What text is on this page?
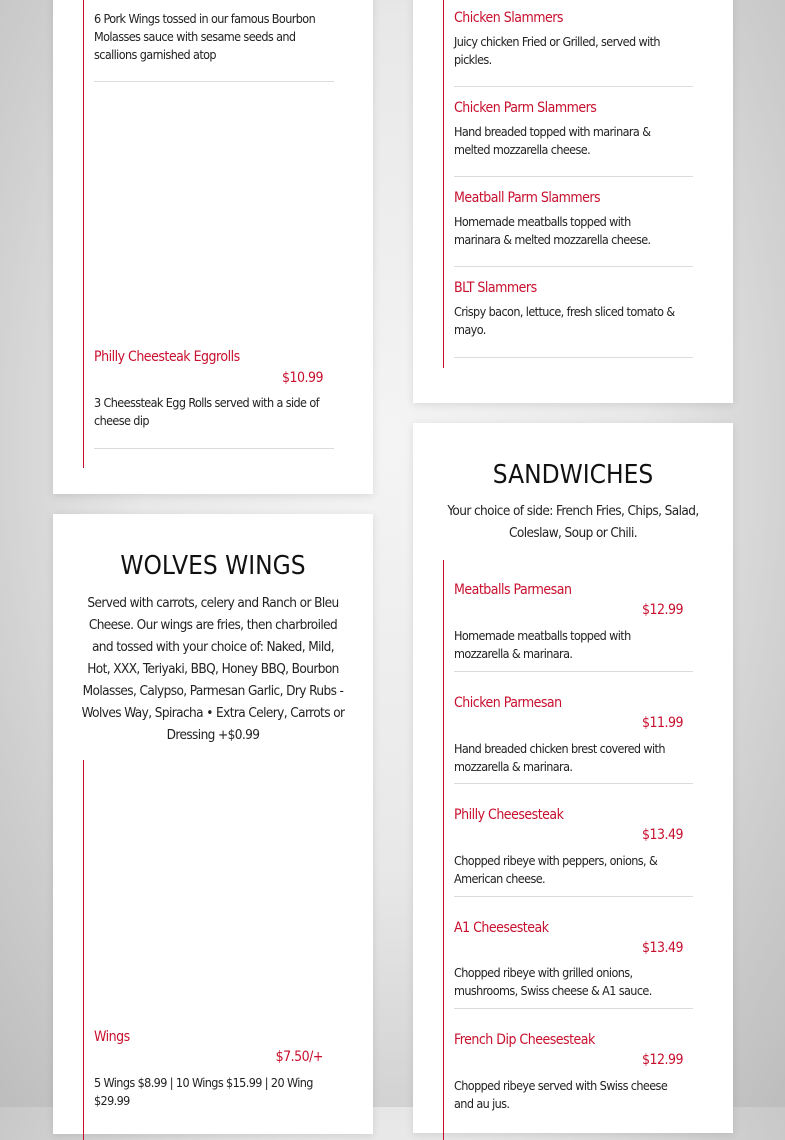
6 Pork Wings tossed in our famous Bourbon Molasses sauce with sesame seeds and scallions garnished atop
Philly Cheesteak Eggrolls
$10.99
3 Cheessteak Egg Rolls served with a side of cheese dip
WOLVES WINGS
Served with carrots, celery and Ranch or Bleu Cheese. Our wings are fries, then charbroiled and tossed with your choice of: Naked, Mild, Hot, XXX, Teriyaki, BBQ, Honey BBQ, Bourbon Molasses, Calypso, Parmesan Garlic, Dry Rubs - Wolves Way, Spiracha • Extra Celery, Carrots or Dressing +$0.99
Wings
$7.50/+
5 Wings $8.99 | 10 Wings $15.99 | 20 Wing $29.99
Chicken Slammers
Juicy chicken Fried or Grilled, served with pickles.
Chicken Parm Slammers
Hand breaded topped with marinara & melted mozzarella cheese.
Meatball Parm Slammers
Homemade meatballs topped with marinara & melted mozzarella cheese.
BLT Slammers
Crispy bacon, lettuce, fresh sliced tomato & mayo.
SANDWICHES
Your choice of side: French Fries, Chips, Salad, Coleslaw, Soup or Chili.
Meatballs Parmesan
$12.99
Homemade meatballs topped with mozzarella & marinara.
Chicken Parmesan
$11.99
Hand breaded chicken brest covered with mozzarella & marinara.
Philly Cheesesteak
$13.49
Chopped ribeye with peppers, onions, & American cheese.
A1 Cheesesteak
$13.49
Chopped ribeye with grilled onions, mushrooms, Swiss cheese & A1 sauce.
French Dip Cheesesteak
$12.99
Chopped ribeye served with Swiss cheese and au jus.
